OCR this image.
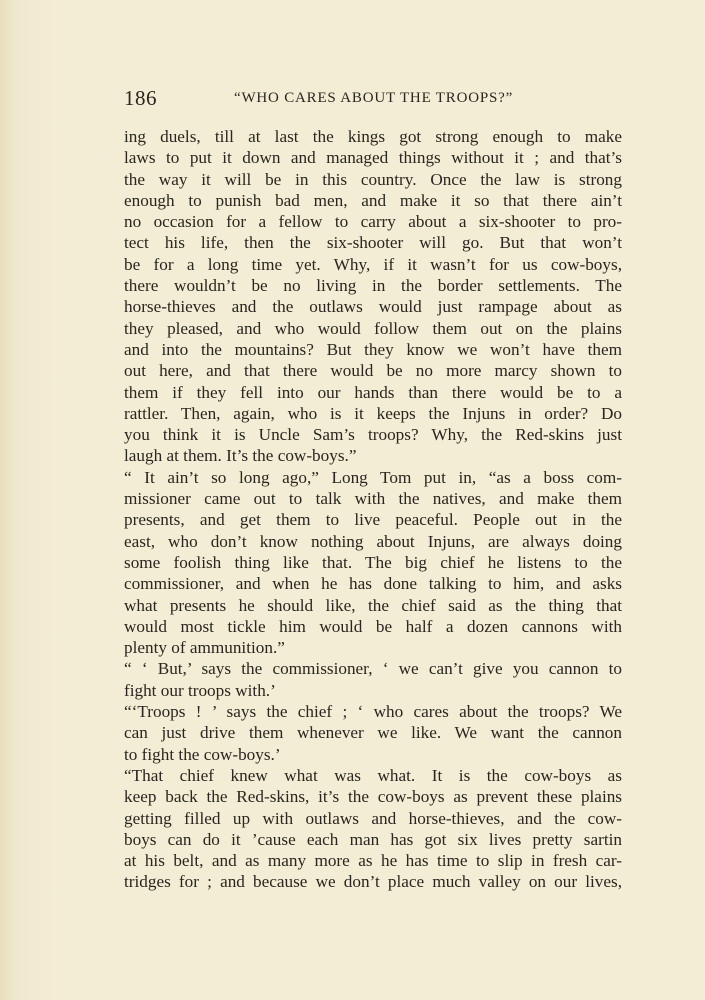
186	“WHO CARES ABOUT THE TROOPS?”
ing duels, till at last the kings got strong enough to make
laws to put it down and managed things without it ; and that’s
the way it will be in this country. Once the law is strong
enough to punish bad men, and make it so that there ain’t
no occasion for a fellow to carry about a six-shooter to pro-
tect his life, then the six-shooter will go. But that won’t
be for a long time yet. Why, if it wasn’t for us cow-boys,
there wouldn’t be no living in the border settlements. The
horse-thieves and the outlaws would just rampage about as
they pleased, and who would follow them out on the plains
and into the mountains? But they know we won’t have them
out here, and that there would be no more marcy shown to
them if they fell into our hands than there would be to a
rattler. Then, again, who is it keeps the Injuns in order? Do
you think it is Uncle Sam’s troops? Why, the Red-skins just
laugh at them. It’s the cow-boys.”
“ It ain’t so long ago,” Long Tom put in, “as a boss com-
missioner came out to talk with the natives, and make them
presents, and get them to live peaceful. People out in the
east, who don’t know nothing about Injuns, are always doing
some foolish thing like that. The big chief he listens to the
commissioner, and when he has done talking to him, and asks
what presents he should like, the chief said as the thing that
would most tickle him would be half a dozen cannons with
plenty of ammunition.”
“ ‘ But,’ says the commissioner, ‘ we can’t give you cannon to
fight our troops with.’
“‘Troops ! ’ says the chief ; ‘ who cares about the troops? We
can just drive them whenever we like. We want the cannon
to fight the cow-boys.’
“That chief knew what was what. It is the cow-boys as
keep back the Red-skins, it’s the cow-boys as prevent these plains
getting filled up with outlaws and horse-thieves, and the cow-
boys can do it ’cause each man has got six lives pretty sartin
at his belt, and as many more as he has time to slip in fresh car-
tridges for ; and because we don’t place much valley on our lives,
